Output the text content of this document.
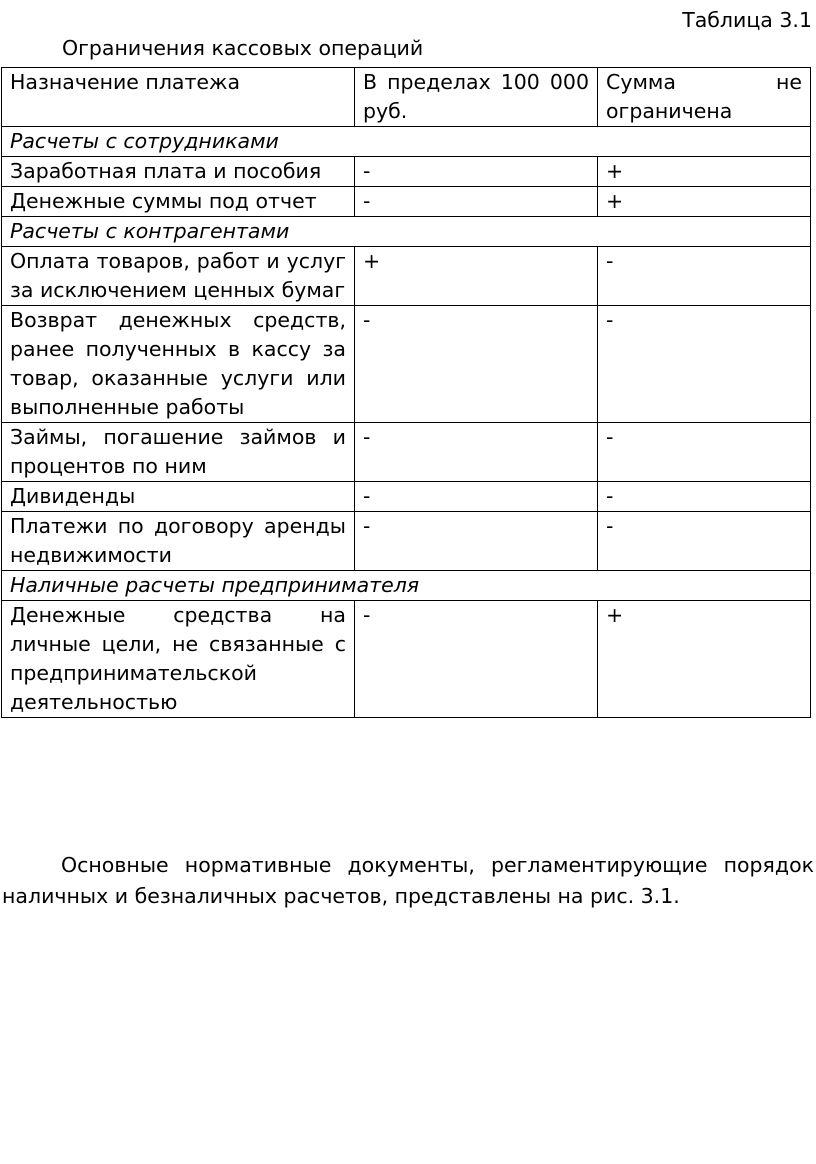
Таблица 3.1
Ограничения кассовых операций
Назначение платежа	В пределах 100 000 руб.	Сумма не ограничена
Расчеты с сотрудниками		
Заработная плата и пособия	-	+
Денежные суммы под отчет	-	+
Расчеты с контрагентами		
Оплата товаров, работ и услуг за исключением ценных бумаг	+	-
Возврат денежных средств, ранее полученных в кассу за товар, оказанные услуги или выполненные работы	-	-
Займы, погашение займов и процентов по ним	-	-
Дивиденды	-	-
Платежи по договору аренды недвижимости	-	-
Наличные расчеты предпринимателя		
Денежные средства на личные цели, не связанные с предпринимательской деятельностью	-	+

Основные нормативные документы, регламентирующие порядок наличных и безналичных расчетов, представлены на рис. 3.1.
